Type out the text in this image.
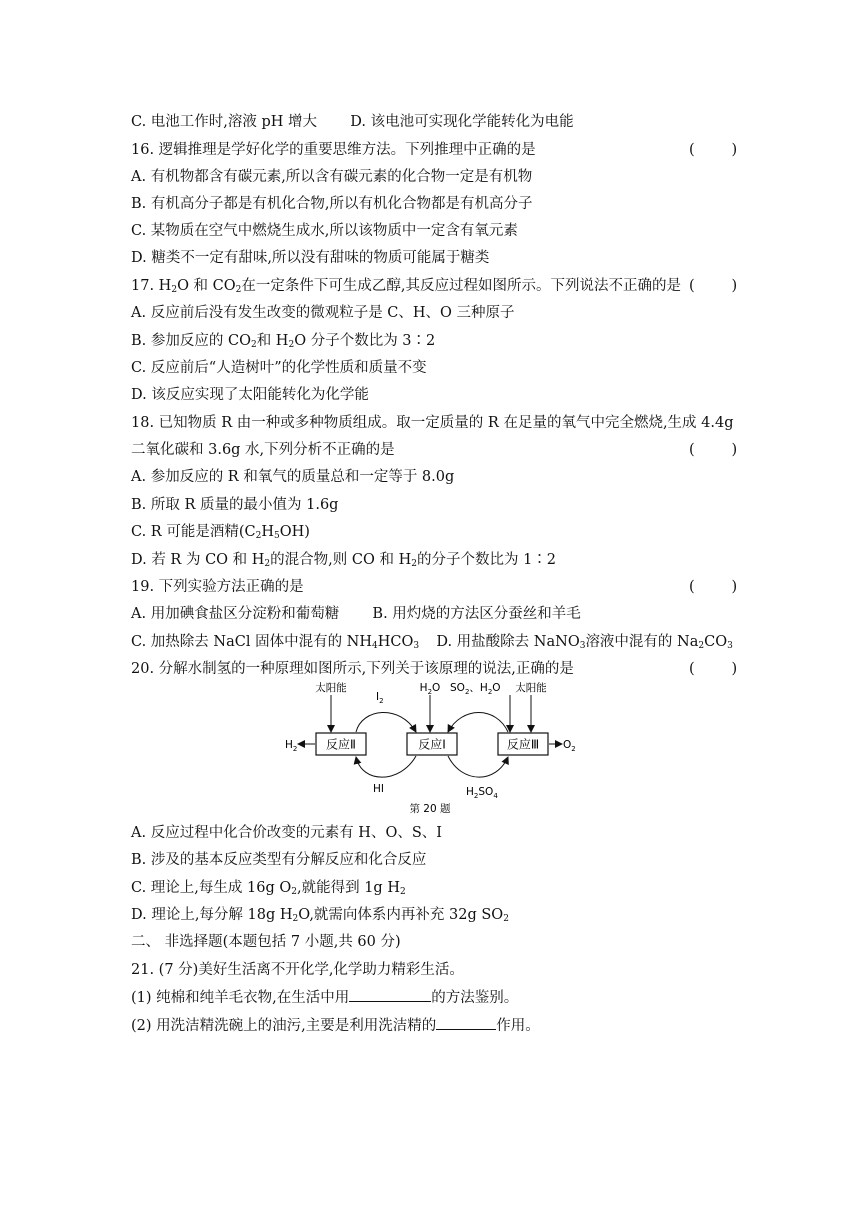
C. 电池工作时,溶液 pH 增大 D. 该电池可实现化学能转化为电能
16. 逻辑推理是学好化学的重要思维方法。下列推理中正确的是	(        )
A. 有机物都含有碳元素,所以含有碳元素的化合物一定是有机物
B. 有机高分子都是有机化合物,所以有机化合物都是有机高分子
C. 某物质在空气中燃烧生成水,所以该物质中一定含有氧元素
D. 糖类不一定有甜味,所以没有甜味的物质可能属于糖类
17. $H_2O$ 和 $CO_2$在一定条件下可生成乙醇,其反应过程如图所示。下列说法不正确的是 (        )
A. 反应前后没有发生改变的微观粒子是 C、H、O 三种原子
B. 参加反应的 $CO_2$和 $H_2O$ 分子个数比为 3∶2
C. 反应前后“人造树叶”的化学性质和质量不变
D. 该反应实现了太阳能转化为化学能
18. 已知物质 R 由一种或多种物质组成。取一定质量的 R 在足量的氧气中完全燃烧,生成 4.4g
二氧化碳和 3.6g 水,下列分析不正确的是	(        )
A. 参加反应的 R 和氧气的质量总和一定等于 8.0g
B. 所取 R 质量的最小值为 1.6g
C. R 可能是酒精$(C_2H_5OH)$
D. 若 R 为 CO 和 $H_2$的混合物,则 CO 和 $H_2$的分子个数比为 1∶2
19. 下列实验方法正确的是	(        )
A. 用加碘食盐区分淀粉和葡萄糖 B. 用灼烧的方法区分蚕丝和羊毛
C. 加热除去 NaCl 固体中混有的 $NH_4HCO_3$ D. 用盐酸除去 NaNO$_3$溶液中混有的 $Na_2CO_3$
20. 分解水制氢的一种原理如图所示,下列关于该原理的说法,正确的是	(        )
反应Ⅱ	反应Ⅰ	反应Ⅲ
太阳能	太阳能
$H_2O$ $SO_2$、$H_2O$
$I_2$
HI	$H_2SO_4$
$H_2$	$O_2$
第 20 题
A. 反应过程中化合价改变的元素有 H、O、S、I
B. 涉及的基本反应类型有分解反应和化合反应
C. 理论上,每生成 16g $O_2$,就能得到 1g $H_2$
D. 理论上,每分解 18g $H_2O$,就需向体系内再补充 32g $SO_2$
二、 非选择题(本题包括 7 小题,共 60 分)
21. (7 分)美好生活离不开化学,化学助力精彩生活。
(1) 纯棉和纯羊毛衣物,在生活中用	的方法鉴别。
(2) 用洗洁精洗碗上的油污,主要是利用洗洁精的	作用。
